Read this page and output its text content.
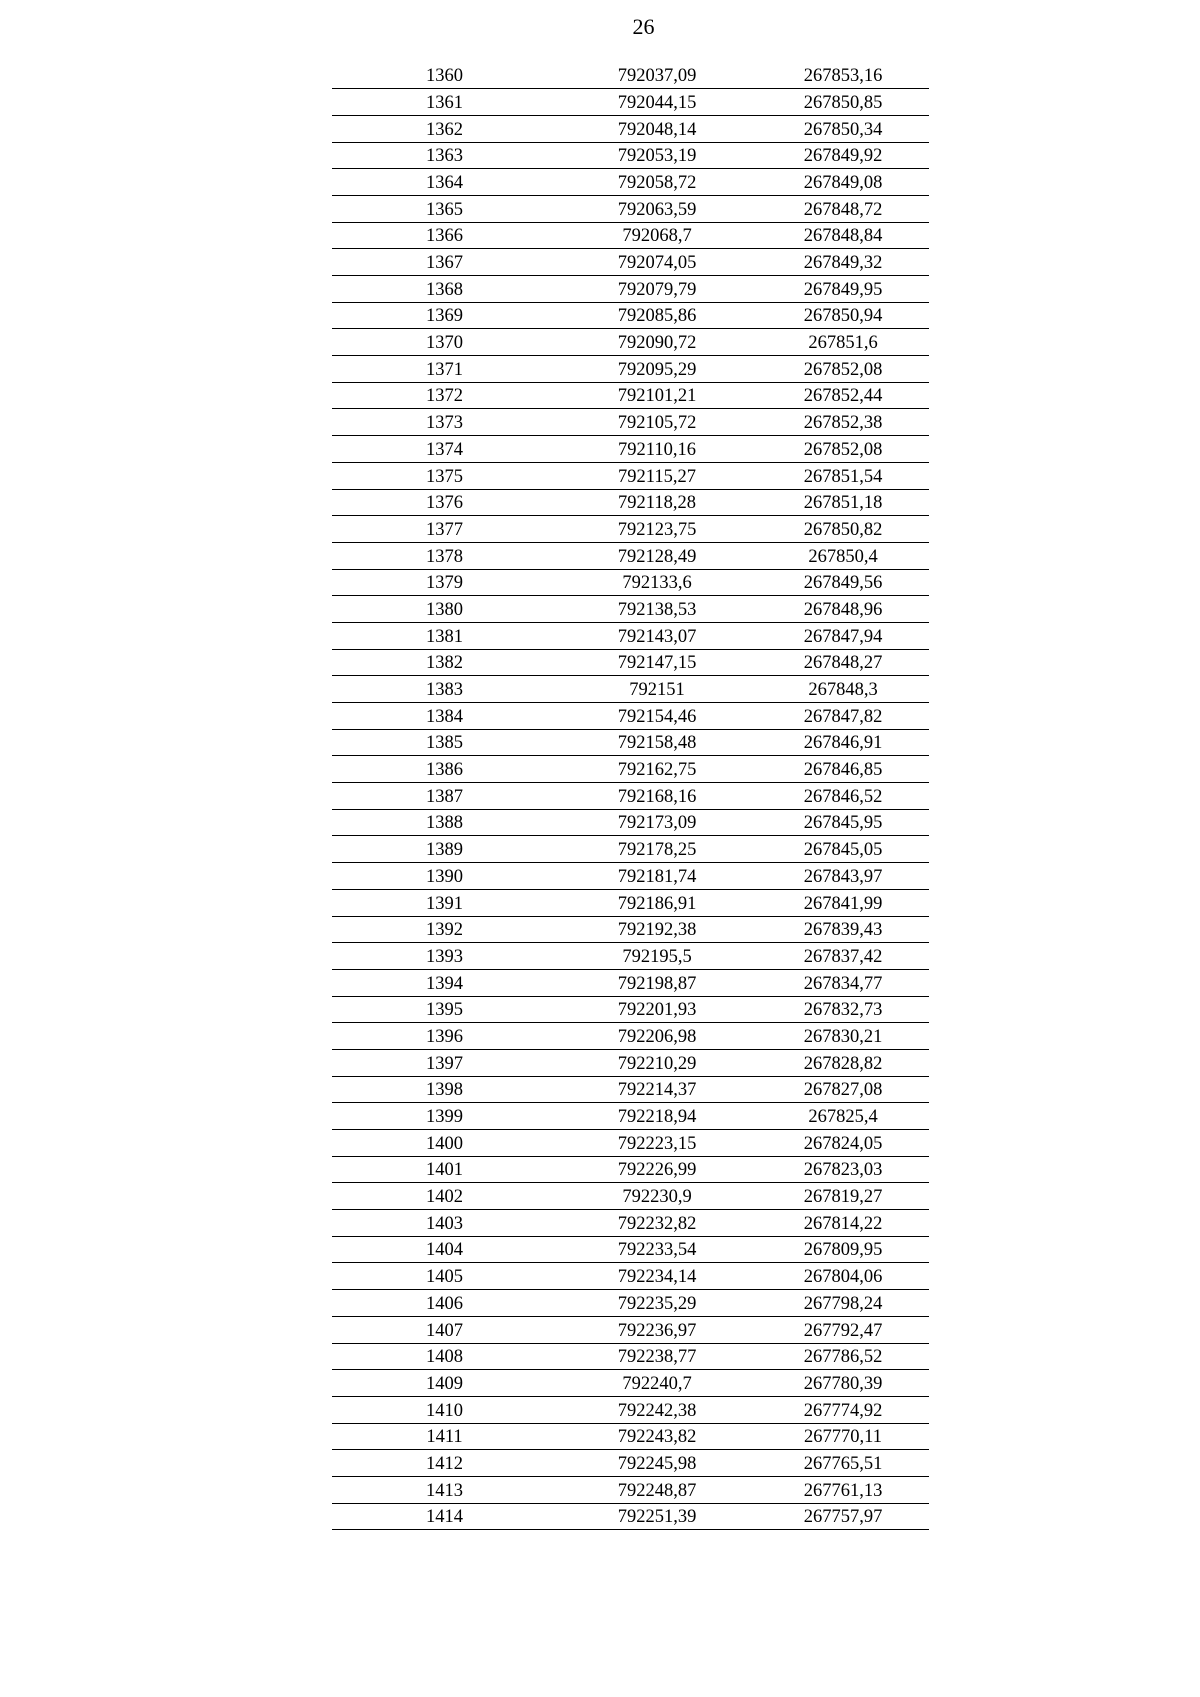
26
1360	792037,09	267853,16
1361	792044,15	267850,85
1362	792048,14	267850,34
1363	792053,19	267849,92
1364	792058,72	267849,08
1365	792063,59	267848,72
1366	792068,7	267848,84
1367	792074,05	267849,32
1368	792079,79	267849,95
1369	792085,86	267850,94
1370	792090,72	267851,6
1371	792095,29	267852,08
1372	792101,21	267852,44
1373	792105,72	267852,38
1374	792110,16	267852,08
1375	792115,27	267851,54
1376	792118,28	267851,18
1377	792123,75	267850,82
1378	792128,49	267850,4
1379	792133,6	267849,56
1380	792138,53	267848,96
1381	792143,07	267847,94
1382	792147,15	267848,27
1383	792151	267848,3
1384	792154,46	267847,82
1385	792158,48	267846,91
1386	792162,75	267846,85
1387	792168,16	267846,52
1388	792173,09	267845,95
1389	792178,25	267845,05
1390	792181,74	267843,97
1391	792186,91	267841,99
1392	792192,38	267839,43
1393	792195,5	267837,42
1394	792198,87	267834,77
1395	792201,93	267832,73
1396	792206,98	267830,21
1397	792210,29	267828,82
1398	792214,37	267827,08
1399	792218,94	267825,4
1400	792223,15	267824,05
1401	792226,99	267823,03
1402	792230,9	267819,27
1403	792232,82	267814,22
1404	792233,54	267809,95
1405	792234,14	267804,06
1406	792235,29	267798,24
1407	792236,97	267792,47
1408	792238,77	267786,52
1409	792240,7	267780,39
1410	792242,38	267774,92
1411	792243,82	267770,11
1412	792245,98	267765,51
1413	792248,87	267761,13
1414	792251,39	267757,97
